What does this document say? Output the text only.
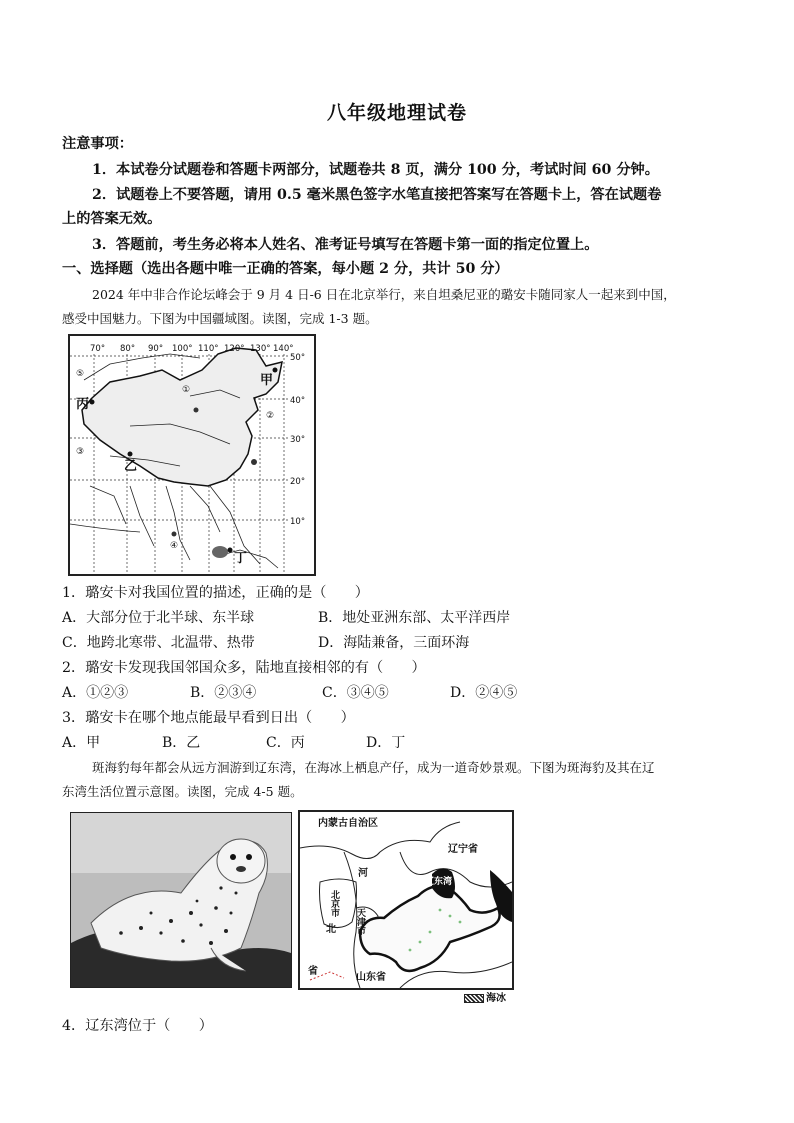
八年级地理试卷
注意事项：
1．本试卷分试题卷和答题卡两部分，试题卷共 8 页，满分 100 分，考试时间 60 分钟。
2．试题卷上不要答题，请用 0.5 毫米黑色签字水笔直接把答案写在答题卡上，答在试题卷
上的答案无效。
3．答题前，考生务必将本人姓名、准考证号填写在答题卡第一面的指定位置上。
一、选择题（选出各题中唯一正确的答案，每小题 2 分，共计 50 分）
2024 年中非合作论坛峰会于 9 月 4 日-6 日在北京举行，来自坦桑尼亚的璐安卡随同家人一起来到中国，
感受中国魅力。下图为中国疆域图。读图，完成 1-3 题。
70° 80° 90° 100° 110° 120° 130° 140°
50°
40°
30°
20°
10°
甲
乙
丙
丁
①
②
③
④
⑤
1．璐安卡对我国位置的描述，正确的是（　　）
A．大部分位于北半球、东半球	B．地处亚洲东部、太平洋西岸
C．地跨北寒带、北温带、热带	D．海陆兼备，三面环海
2．璐安卡发现我国邻国众多，陆地直接相邻的有（　　）
A．①②③	B．②③④	C．③④⑤	D．②④⑤
3．璐安卡在哪个地点能最早看到日出（　　）
A．甲	B．乙	C．丙	D．丁
斑海豹每年都会从远方洄游到辽东湾，在海冰上栖息产仔，成为一道奇妙景观。下图为斑海豹及其在辽
东湾生活位置示意图。读图，完成 4-5 题。
内蒙古自治区
辽宁省
河
北
省
山东省
辽东湾
北京市
天津市
海冰
4．辽东湾位于（　　）
